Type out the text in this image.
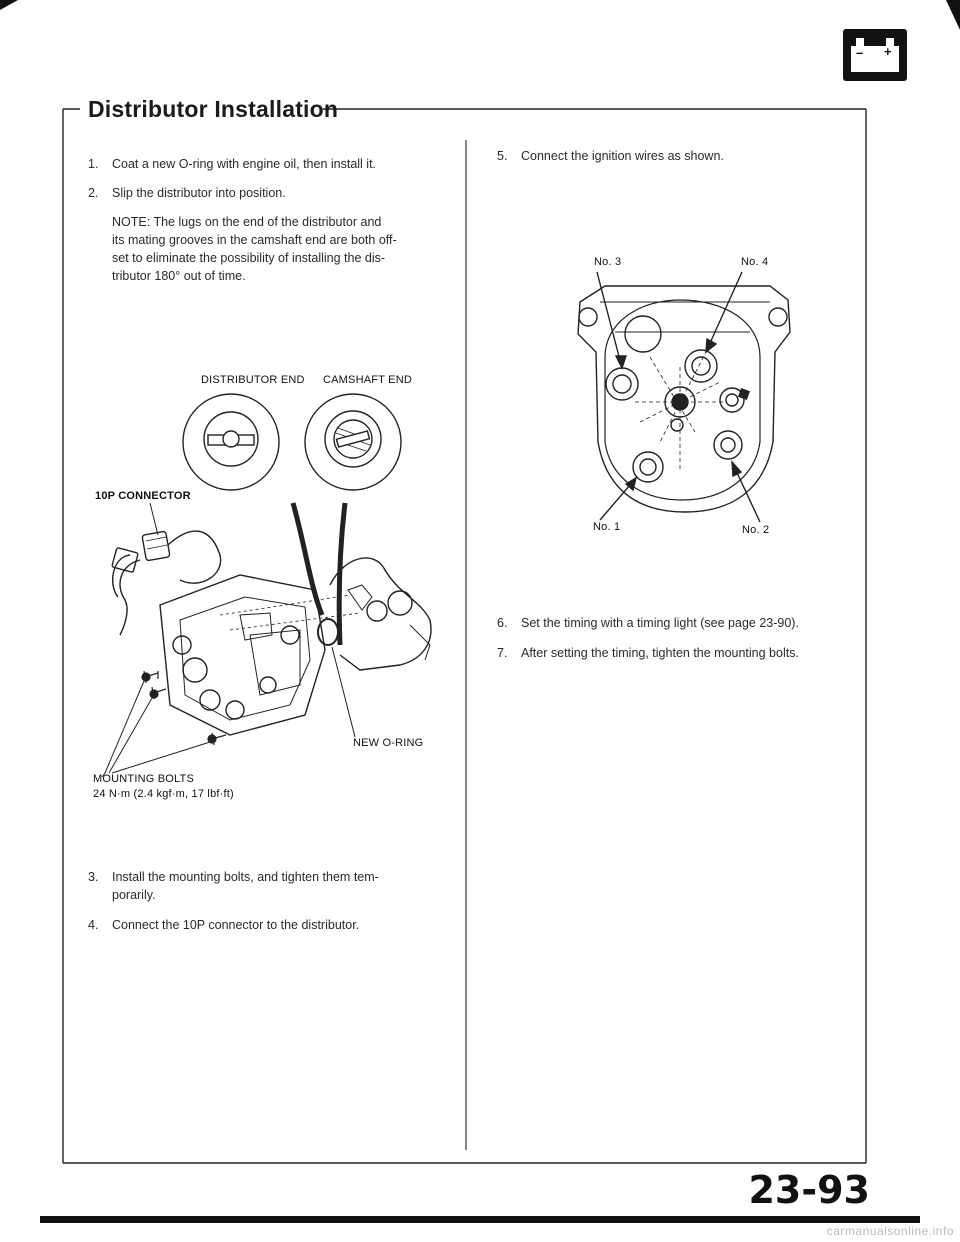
– +
Distributor Installation
1. Coat a new O-ring with engine oil, then install it.
2. Slip the distributor into position.
NOTE: The lugs on the end of the distributor and
its mating grooves in the camshaft end are both off-
set to eliminate the possibility of installing the dis-
tributor 180° out of time.
DISTRIBUTOR END CAMSHAFT END
10P CONNECTOR
NEW O-RING
MOUNTING BOLTS
24 N·m (2.4 kgf·m, 17 lbf·ft)
3. Install the mounting bolts, and tighten them tem-
porarily.
4. Connect the 10P connector to the distributor.
5. Connect the ignition wires as shown.
No. 3	No. 4
No. 1	No. 2
6. Set the timing with a timing light (see page 23-90).
7. After setting the timing, tighten the mounting bolts.
23-93
carmanualsonline.info
